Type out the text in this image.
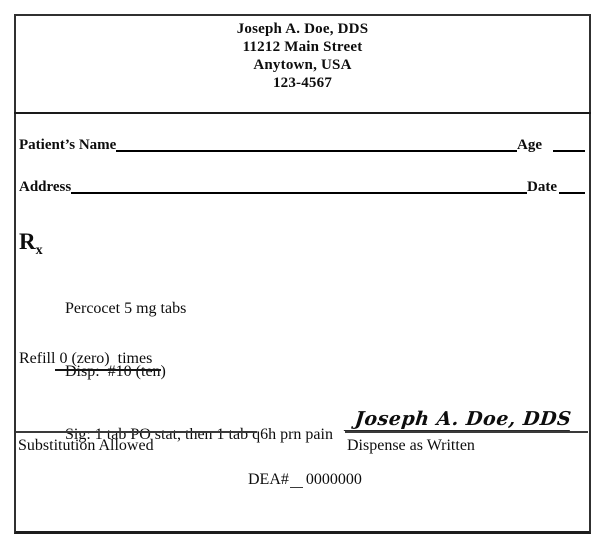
Joseph A. Doe, DDS
11212 Main Street
Anytown, USA
123-4567
Patient’s Name	Age
Address	Date
$R_x$

Percocet 5 mg tabs

Disp:  #10 (ten)

Sig: 1 tab PO stat, then 1 tab q6h prn pain

Refill 0 (zero)  times
Joseph A. Doe, DDS
Substitution Allowed	Dispense as Written
DEA# 0000000
